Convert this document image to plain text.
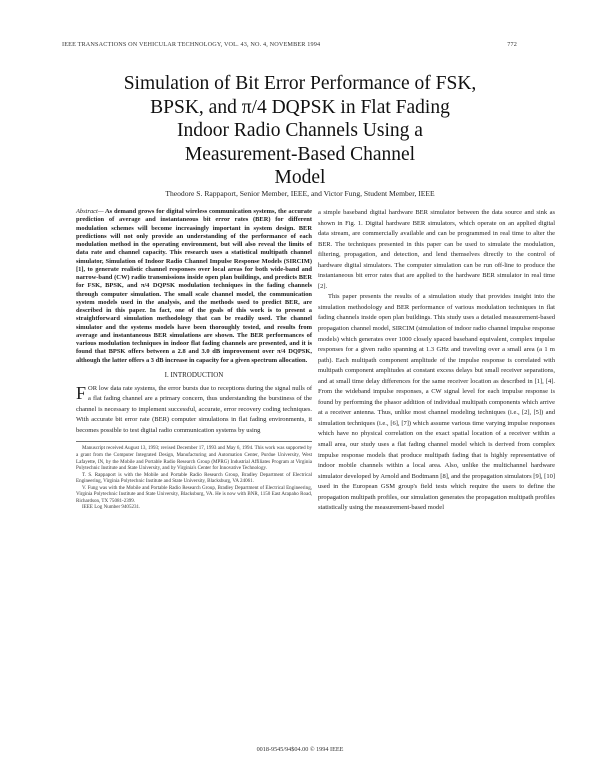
IEEE TRANSACTIONS ON VEHICULAR TECHNOLOGY, VOL. 43, NO. 4, NOVEMBER 1994	772
Simulation of Bit Error Performance of FSK,
BPSK, and π/4 DQPSK in Flat Fading
Indoor Radio Channels Using a
Measurement-Based Channel
Model
Theodore S. Rappaport, Senior Member, IEEE, and Victor Fung, Student Member, IEEE

Abstract— As demand grows for digital wireless communication systems, the accurate prediction of average and instantaneous bit error rates (BER) for different modulation schemes will become increasingly important in system design. BER predictions will not only provide an understanding of the performance of each modulation method in the operating environment, but will also reveal the limits of data rate and channel capacity. This research uses a statistical multipath channel simulator, Simulation of Indoor Radio Channel Impulse Response Models (SIRCIM) [1], to generate realistic channel responses over local areas for both wide-band and narrow-band (CW) radio transmissions inside open plan buildings, and predicts BER for FSK, BPSK, and π/4 DQPSK modulation techniques in the fading channels through computer simulation. The small scale channel model, the communication system models used in the analysis, and the methods used to predict BER, are described in this paper. In fact, one of the goals of this work is to present a straightforward simulation methodology that can be readily used. The channel simulator and the systems models have been thoroughly tested, and results from average and instantaneous BER simulations are shown. The BER performances of various modulation techniques in indoor flat fading channels are presented, and it is found that BPSK offers between a 2.8 and 3.0 dB improvement over π/4 DQPSK, although the latter offers a 3 dB increase in capacity for a given spectrum allocation.

I. INTRODUCTION

FOR low data rate systems, the error bursts due to receptions during the signal nulls of a flat fading channel are a primary concern, thus understanding the burstiness of the channel is necessary to implement successful, accurate, error recovery coding techniques. With accurate bit error rate (BER) computer simulations in flat fading environments, it becomes possible to test digital radio communication systems by using

Manuscript received August 13, 1993; revised December 17, 1993 and May 6, 1994. This work was supported by a grant from the Computer Integrated Design, Manufacturing and Automation Center, Purdue University, West Lafayette, IN, by the Mobile and Portable Radio Research Group (MPRG) Industrial Affiliates Program at Virginia Polytechnic Institute and State University, and by Virginia's Center for Innovative Technology.

T. S. Rappaport is with the Mobile and Portable Radio Research Group, Bradley Department of Electrical Engineering, Virginia Polytechnic Institute and State University, Blacksburg, VA 24061.

V. Fung was with the Mobile and Portable Radio Research Group, Bradley Department of Electrical Engineering, Virginia Polytechnic Institute and State University, Blacksburg, VA. He is now with BNR, 1150 East Arapaho Road, Richardson, TX 75081-2399.

IEEE Log Number 9405231.

a simple baseband digital hardware BER simulator between the data source and sink as shown in Fig. 1. Digital hardware BER simulators, which operate on an applied digital data stream, are commercially available and can be programmed in real time to alter the BER. The techniques presented in this paper can be used to simulate the modulation, filtering, propagation, and detection, and lend themselves directly to the control of hardware digital simulators. The computer simulation can be run off-line to produce the instantaneous bit error rates that are applied to the hardware BER simulator in real time [2].

This paper presents the results of a simulation study that provides insight into the simulation methodology and BER performance of various modulation techniques in flat fading channels inside open plan buildings. This study uses a detailed measurement-based propagation channel model, SIRCIM (simulation of indoor radio channel impulse response models) which generates over 1000 closely spaced baseband equivalent, complex impulse responses for a given radio spanning at 1.3 GHz and traveling over a small area (a 1 m path). Each multipath component amplitude of the impulse response is correlated with multipath component amplitudes at constant excess delays but small receiver separations, and at small time delay differences for the same receiver location as described in [1], [4]. From the wideband impulse responses, a CW signal level for each impulse response is found by performing the phasor addition of individual multipath components which arrive at a receiver antenna. Thus, unlike most channel modeling techniques (i.e., [2], [5]) and simulation techniques (i.e., [6], [7]) which assume various time varying impulse responses which have no physical correlation on the exact spatial location of a receiver within a small area, our study uses a flat fading channel model which is derived from complex impulse response models that produce multipath fading that is highly representative of indoor mobile channels within a local area. Also, unlike the multichannel hardware simulator developed by Arnold and Bodtmann [8], and the propagation simulators [9], [10] used in the European GSM group's field tests which require the users to define the propagation multipath profiles, our simulation generates the propagation multipath profiles statistically using the measurement-based model

0018-9545/94$04.00 © 1994 IEEE
